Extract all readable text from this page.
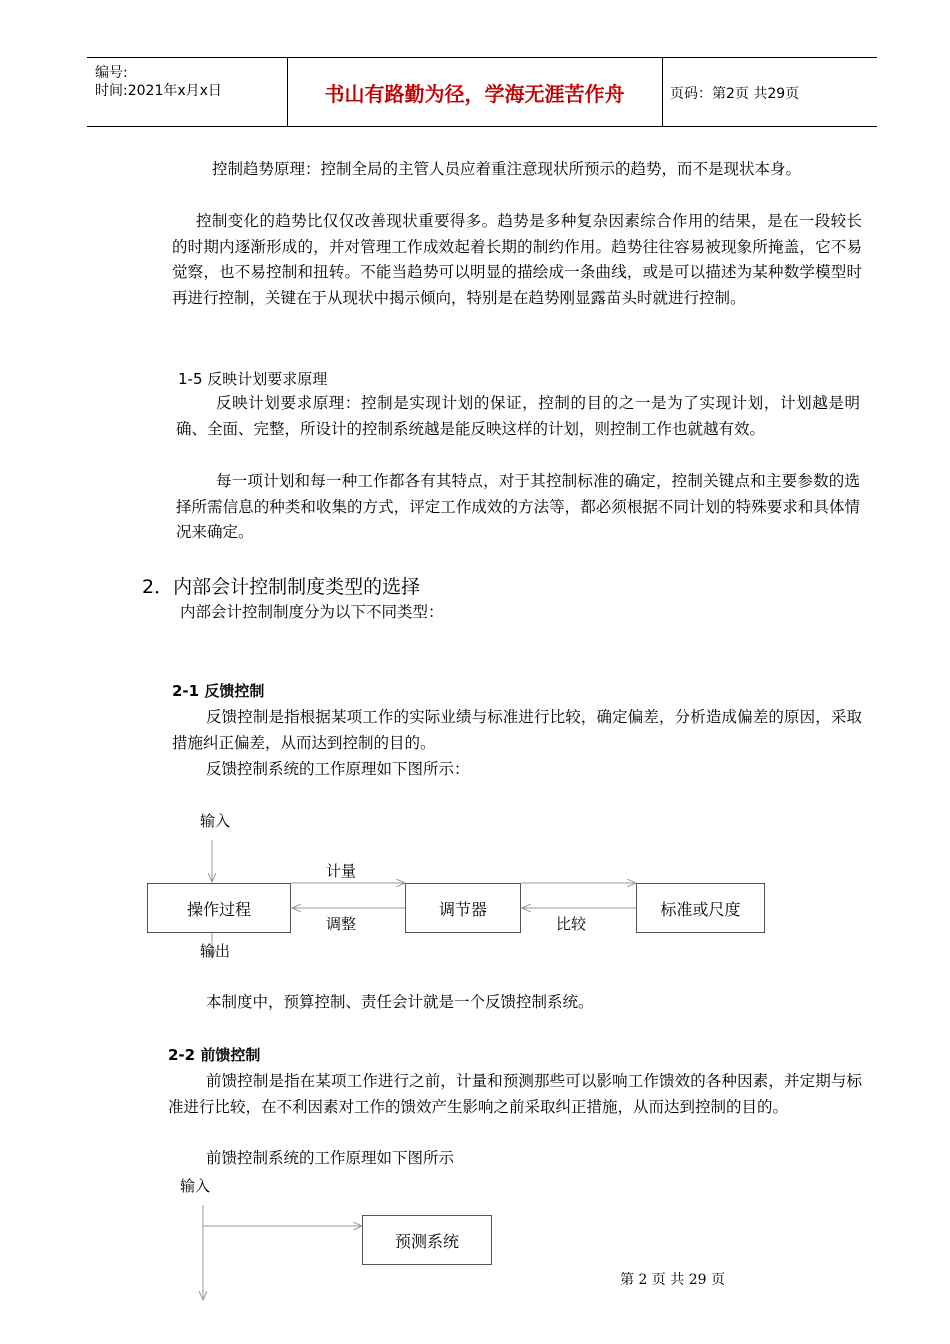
编号:
时间:2021年x月x日	书山有路勤为径，学海无涯苦作舟	页码：第2页 共29页

控制趋势原理：控制全局的主管人员应着重注意现状所预示的趋势，而不是现状本身。

控制变化的趋势比仅仅改善现状重要得多。趋势是多种复杂因素综合作用的结果，是在一段较长的时期内逐渐形成的，并对管理工作成效起着长期的制约作用。趋势往往容易被现象所掩盖，它不易觉察，也不易控制和扭转。不能当趋势可以明显的描绘成一条曲线，或是可以描述为某种数学模型时再进行控制，关键在于从现状中揭示倾向，特别是在趋势刚显露苗头时就进行控制。

1-5 反映计划要求原理

反映计划要求原理：控制是实现计划的保证，控制的目的之一是为了实现计划，计划越是明确、全面、完整，所设计的控制系统越是能反映这样的计划，则控制工作也就越有效。

每一项计划和每一种工作都各有其特点，对于其控制标准的确定，控制关键点和主要参数的选择所需信息的种类和收集的方式，评定工作成效的方法等，都必须根据不同计划的特殊要求和具体情况来确定。

2．内部会计控制制度类型的选择

内部会计控制制度分为以下不同类型：

2-1 反馈控制

反馈控制是指根据某项工作的实际业绩与标准进行比较，确定偏差，分析造成偏差的原因，采取措施纠正偏差，从而达到控制的目的。

反馈控制系统的工作原理如下图所示：

输入
操作过程	调节器	标准或尺度
计量
调整	比较
输出

本制度中，预算控制、责任会计就是一个反馈控制系统。

2-2 前馈控制

前馈控制是指在某项工作进行之前，计量和预测那些可以影响工作馈效的各种因素，并定期与标准进行比较，在不利因素对工作的馈效产生影响之前采取纠正措施，从而达到控制的目的。

前馈控制系统的工作原理如下图所示

输入
预测系统
第 2 页 共 29 页
